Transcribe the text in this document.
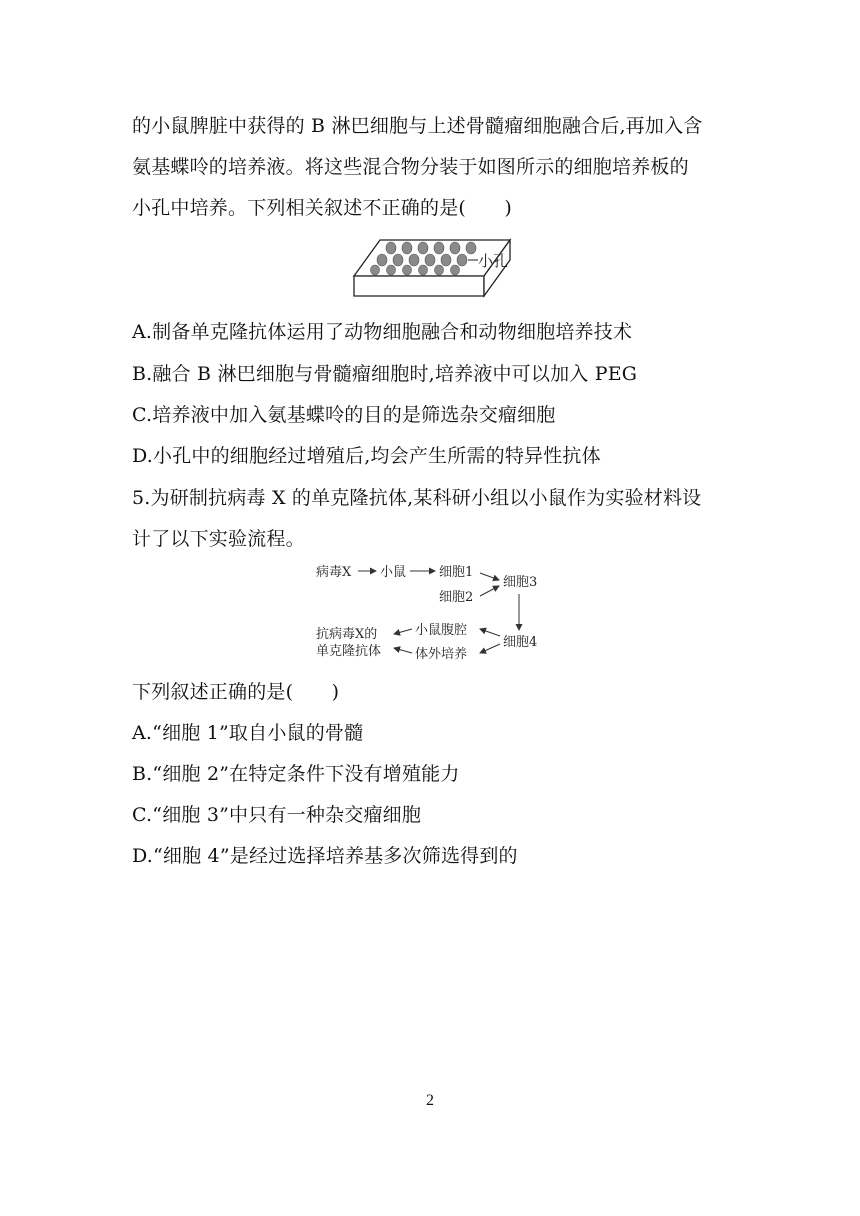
的小鼠脾脏中获得的 B 淋巴细胞与上述骨髓瘤细胞融合后,再加入含
氨基蝶呤的培养液。将这些混合物分装于如图所示的细胞培养板的
小孔中培养。下列相关叙述不正确的是(　　)
小孔
A.制备单克隆抗体运用了动物细胞融合和动物细胞培养技术
B.融合 B 淋巴细胞与骨髓瘤细胞时,培养液中可以加入 PEG
C.培养液中加入氨基蝶呤的目的是筛选杂交瘤细胞
D.小孔中的细胞经过增殖后,均会产生所需的特异性抗体
5.为研制抗病毒 X 的单克隆抗体,某科研小组以小鼠作为实验材料设
计了以下实验流程。
病毒X 小鼠	细胞1
细胞2
细胞3
细胞4
小鼠腹腔
体外培养
抗病毒X的
单克隆抗体
下列叙述正确的是(　　)
A.“细胞 1”取自小鼠的骨髓
B.“细胞 2”在特定条件下没有增殖能力
C.“细胞 3”中只有一种杂交瘤细胞
D.“细胞 4”是经过选择培养基多次筛选得到的
2
